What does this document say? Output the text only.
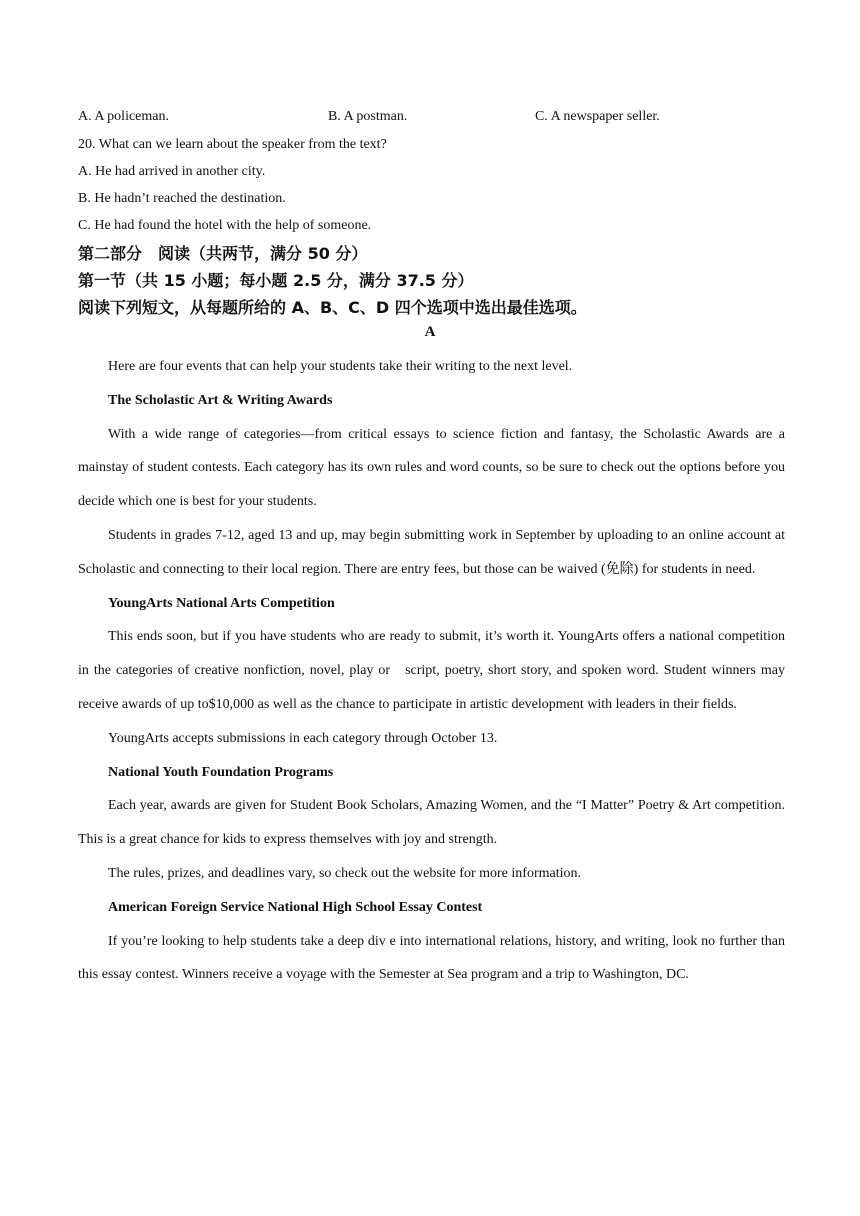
A. A policeman.	B. A postman.	C. A newspaper seller.
20. What can we learn about the speaker from the text?
A. He had arrived in another city.
B. He hadn’t reached the destination.
C. He had found the hotel with the help of someone.
第二部分　阅读（共两节，满分 50 分）
第一节（共 15 小题；每小题 2.5 分，满分 37.5 分）
阅读下列短文，从每题所给的 A、B、C、D 四个选项中选出最佳选项。
A

Here are four events that can help your students take their writing to the next level.

The Scholastic Art & Writing Awards

With a wide range of categories—from critical essays to science fiction and fantasy, the Scholastic Awards are a mainstay of student contests. Each category has its own rules and word counts, so be sure to check out the options before you decide which one is best for your students.

Students in grades 7-12, aged 13 and up, may begin submitting work in September by uploading to an online account at Scholastic and connecting to their local region. There are entry fees, but those can be waived (免除) for students in need.

YoungArts National Arts Competition

This ends soon, but if you have students who are ready to submit, it’s worth it. YoungArts offers a national competition in the categories of creative nonfiction, novel, play or   script, poetry, short story, and spoken word. Student winners may receive awards of up to$10,000 as well as the chance to participate in artistic development with leaders in their fields.

YoungArts accepts submissions in each category through October 13.

National Youth Foundation Programs

Each year, awards are given for Student Book Scholars, Amazing Women, and the “I Matter” Poetry & Art competition. This is a great chance for kids to express themselves with joy and strength.

The rules, prizes, and deadlines vary, so check out the website for more information.

American Foreign Service National High School Essay Contest

If you’re looking to help students take a deep div e into international relations, history, and writing, look no further than this essay contest. Winners receive a voyage with the Semester at Sea program and a trip to Washington, DC.
